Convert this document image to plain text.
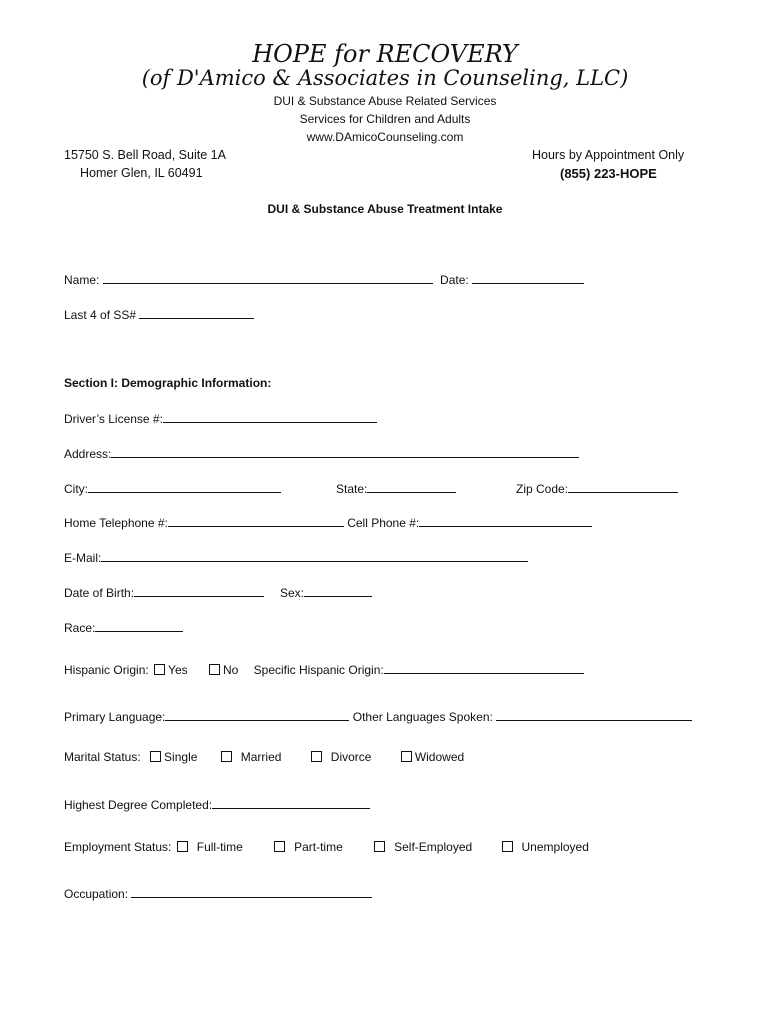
HOPE for RECOVERY
(of D'Amico & Associates in Counseling, LLC)
DUI & Substance Abuse Related Services
Services for Children and Adults
www.DAmicoCounseling.com
15750 S. Bell Road, Suite 1A
Homer Glen, IL 60491
Hours by Appointment Only
(855) 223-HOPE
DUI & Substance Abuse Treatment Intake
Name:	Date:
Last 4 of SS#
Section I: Demographic Information:
Driver’s License #:
Address:
City:	State:	Zip Code:
Home Telephone #:	Cell Phone #:
E-Mail:
Date of Birth:	Sex:
Race:
Hispanic Origin: Yes	No Specific Hispanic Origin:
Primary Language:	Other Languages Spoken:
Marital Status: Single	Married	Divorce	Widowed
Highest Degree Completed:
Employment Status: Full-time	Part-time	Self-Employed	Unemployed
Occupation:
